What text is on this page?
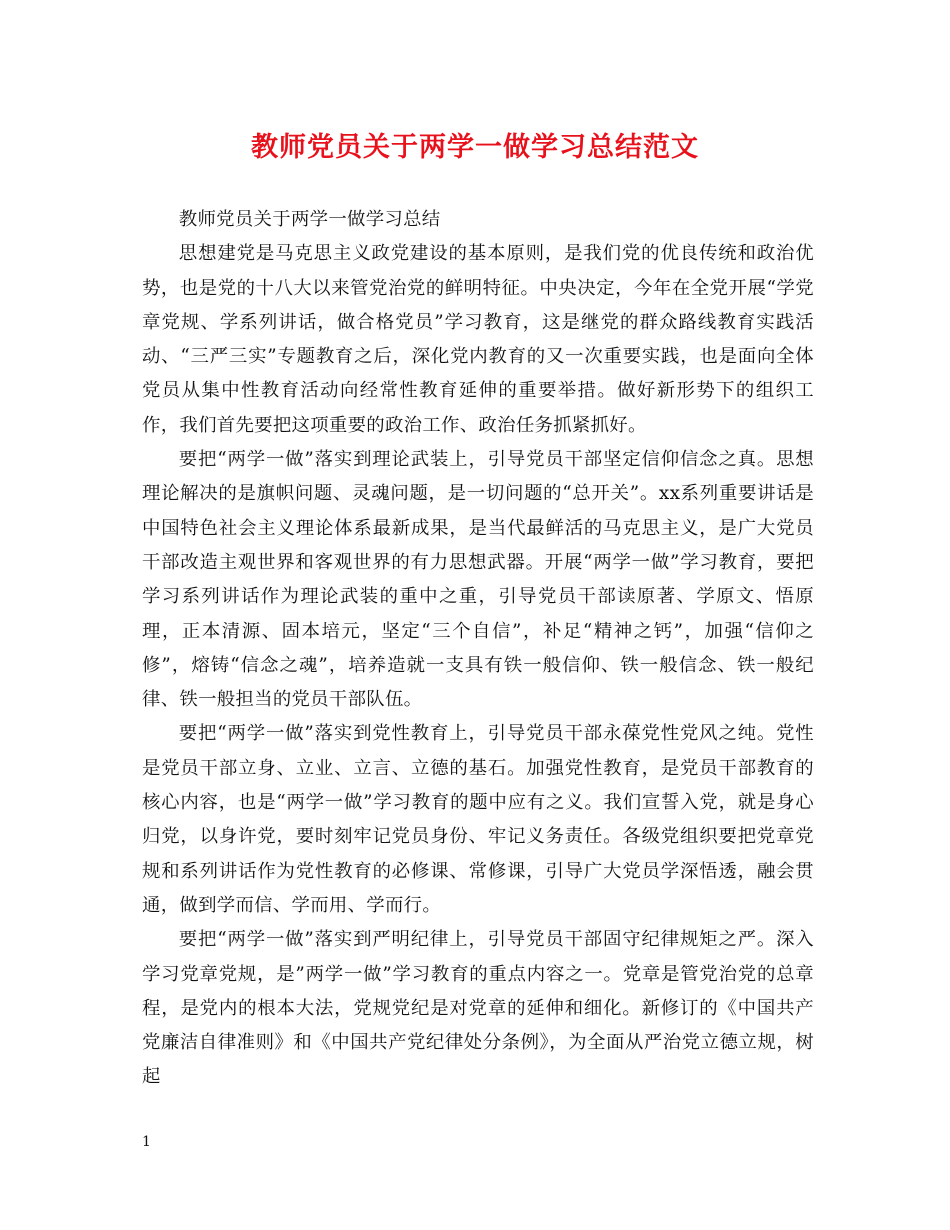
教师党员关于两学一做学习总结范文

教师党员关于两学一做学习总结

思想建党是马克思主义政党建设的基本原则，是我们党的优良传统和政治优势，也是党的十八大以来管党治党的鲜明特征。中央决定，今年在全党开展“学党章党规、学系列讲话，做合格党员”学习教育，这是继党的群众路线教育实践活动、“三严三实”专题教育之后，深化党内教育的又一次重要实践，也是面向全体党员从集中性教育活动向经常性教育延伸的重要举措。做好新形势下的组织工作，我们首先要把这项重要的政治工作、政治任务抓紧抓好。

要把“两学一做”落实到理论武装上，引导党员干部坚定信仰信念之真。思想理论解决的是旗帜问题、灵魂问题，是一切问题的“总开关”。xx系列重要讲话是中国特色社会主义理论体系最新成果，是当代最鲜活的马克思主义，是广大党员干部改造主观世界和客观世界的有力思想武器。开展“两学一做”学习教育，要把学习系列讲话作为理论武装的重中之重，引导党员干部读原著、学原文、悟原理，正本清源、固本培元，坚定“三个自信”，补足“精神之钙”，加强“信仰之修”，熔铸“信念之魂”，培养造就一支具有铁一般信仰、铁一般信念、铁一般纪律、铁一般担当的党员干部队伍。

要把“两学一做”落实到党性教育上，引导党员干部永葆党性党风之纯。党性是党员干部立身、立业、立言、立德的基石。加强党性教育，是党员干部教育的核心内容，也是“两学一做”学习教育的题中应有之义。我们宣誓入党，就是身心归党，以身许党，要时刻牢记党员身份、牢记义务责任。各级党组织要把党章党规和系列讲话作为党性教育的必修课、常修课，引导广大党员学深悟透，融会贯通，做到学而信、学而用、学而行。

要把“两学一做”落实到严明纪律上，引导党员干部固守纪律规矩之严。深入学习党章党规，是”两学一做”学习教育的重点内容之一。党章是管党治党的总章程，是党内的根本大法，党规党纪是对党章的延伸和细化。新修订的《中国共产党廉洁自律准则》和《中国共产党纪律处分条例》，为全面从严治党立德立规，树起

1
